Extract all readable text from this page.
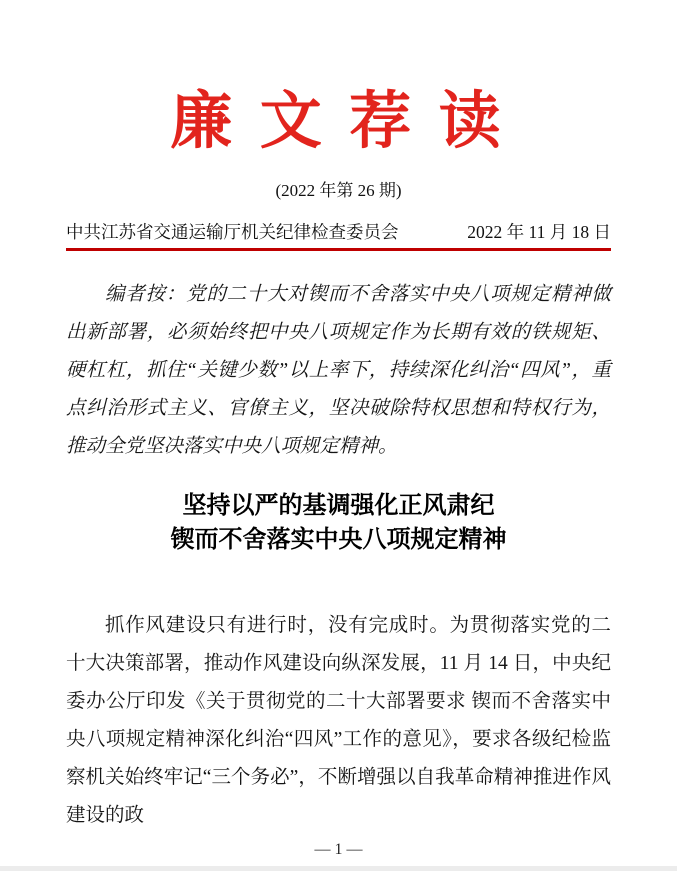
廉 文 荐 读
(2022 年第 26 期)
中共江苏省交通运输厅机关纪律检查委员会	2022 年 11 月 18 日

编者按：党的二十大对锲而不舍落实中央八项规定精神做出新部署，必须始终把中央八项规定作为长期有效的铁规矩、硬杠杠，抓住“关键少数”以上率下，持续深化纠治“四风”，重点纠治形式主义、官僚主义，坚决破除特权思想和特权行为，推动全党坚决落实中央八项规定精神。

坚持以严的基调强化正风肃纪
锲而不舍落实中央八项规定精神

抓作风建设只有进行时，没有完成时。为贯彻落实党的二十大决策部署，推动作风建设向纵深发展，11 月 14 日，中央纪委办公厅印发《关于贯彻党的二十大部署要求 锲而不舍落实中央八项规定精神深化纠治“四风”工作的意见》，要求各级纪检监察机关始终牢记“三个务必”，不断增强以自我革命精神推进作风建设的政

— 1 —
